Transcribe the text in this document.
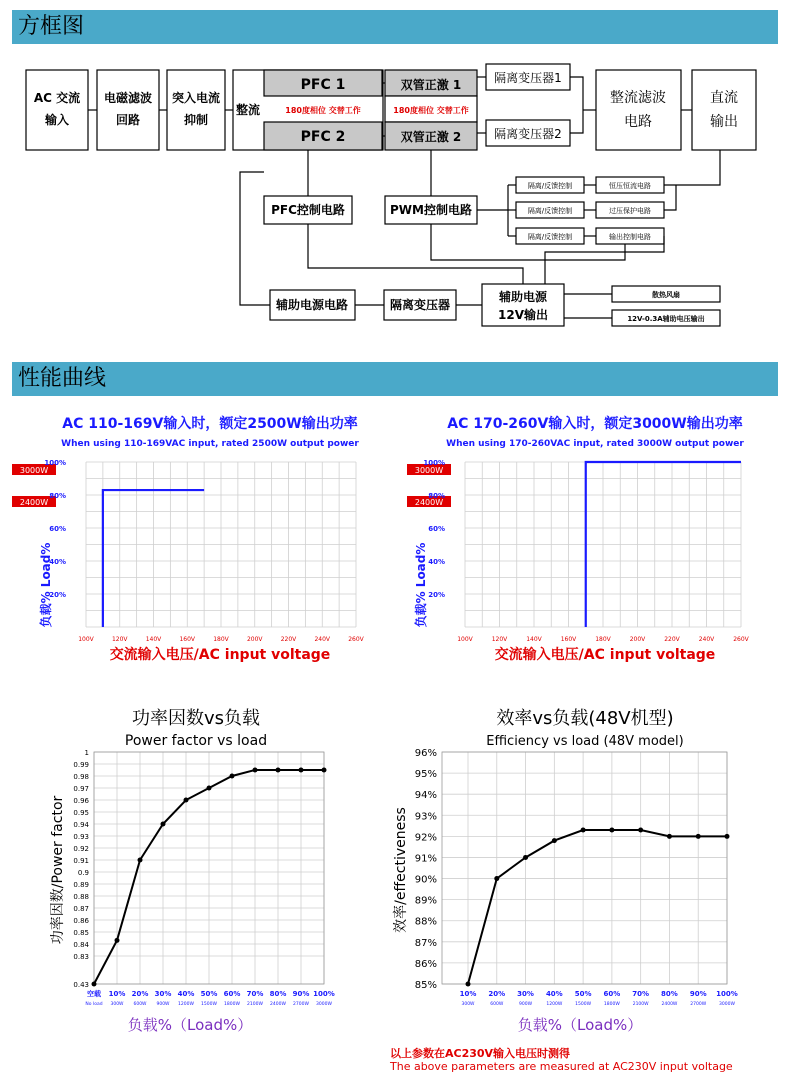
方框图
性能曲线
AC 交流
输入
电磁滤波
回路
突入电流
抑制
整流
PFC 1
PFC 2
双管正激 1
双管正激 2
隔离变压器1
隔离变压器2
整流滤波
电路
直流
输出
PFC控制电路	PWM控制电路
辅助电源电路	隔离变压器
辅助电源
12V输出
180度相位 交替工作	180度相位 交替工作
隔离/反馈控制
隔离/反馈控制
隔离/反馈控制
恒压恒流电路
过压保护电路
输出控制电路
散热风扇
12V-0.3A辅助电压输出
AC 110-169V输入时，额定2500W输出功率
When using 110-169VAC input, rated 2500W output power
3000W
2400W
100V	120V	140V	160V	180V	200V	220V	240V	260V
20%
40%
60%
80%
100%
负载% Load%
交流输入电压/AC input voltage
AC 170-260V输入时，额定3000W输出功率
When using 170-260VAC input, rated 3000W output power
3000W
2400W
100V	120V	140V	160V	180V	200V	220V	240V	260V
20%
40%
60%
80%
100%
负载% Load%
交流输入电压/AC input voltage
功率因数vs负载
Power factor vs load
0.43
0.83
0.84
0.85
0.86
0.87
0.88
0.89
0.9
0.91
0.92
0.93
0.94
0.95
0.96
0.97
0.98
0.99
1
空载
No load
10%
300W
20%
600W
30%
900W
40%
1200W
50%
1500W
60%
1800W
70%
2100W
80%
2400W
90%
2700W
100%
3000W
功率因数/Power factor
负载%（Load%）
效率vs负载(48V机型)
Efficiency vs load (48V model)
85%
86%
87%
88%
89%
90%
91%
92%
93%
94%
95%
96%
10%
300W
20%
600W
30%
900W
40%
1200W
50%
1500W
60%
1800W
70%
2100W
80%
2400W
90%
2700W
100%
3000W
效率/effectiveness
负载%（Load%）
以上参数在AC230V输入电压时测得
The above parameters are measured at AC230V input voltage
